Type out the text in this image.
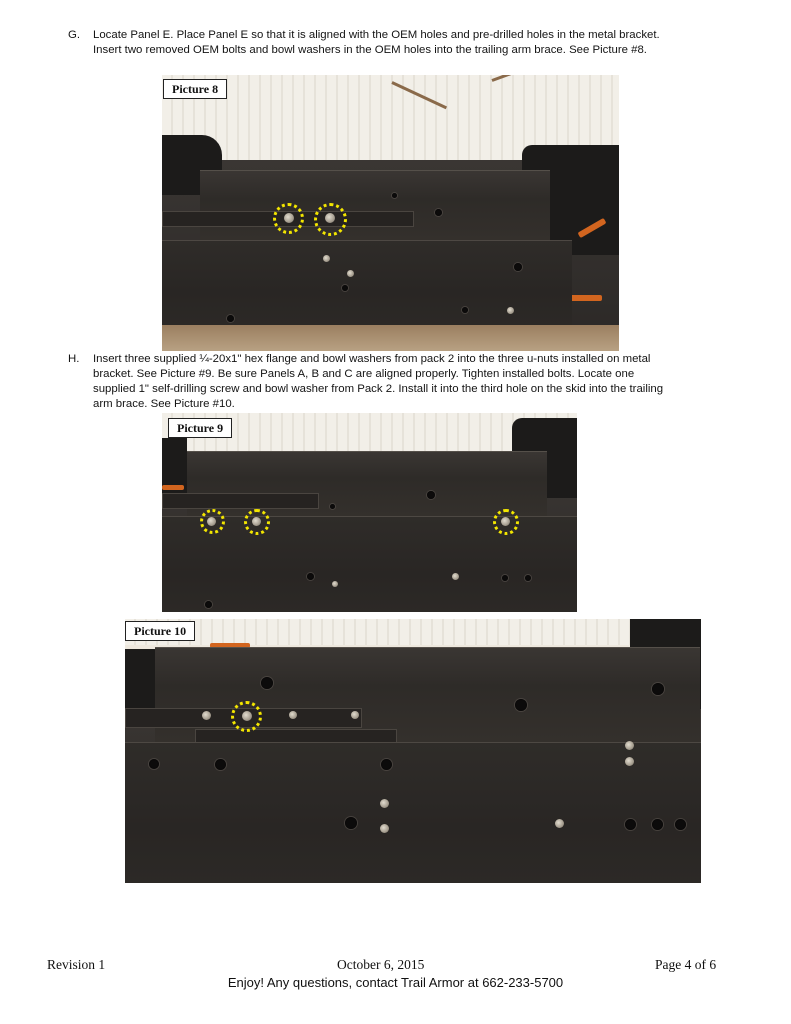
G. Locate Panel E. Place Panel E so that it is aligned with the OEM holes and pre-drilled holes in the metal bracket.

Insert two removed OEM bolts and bowl washers in the OEM holes into the trailing arm brace. See Picture #8.

Picture 8
H. Insert three supplied ¼-20x1" hex flange and bowl washers from pack 2 into the three u-nuts installed on metal

bracket. See Picture #9. Be sure Panels A, B and C are aligned properly. Tighten installed bolts. Locate one

supplied 1" self-drilling screw and bowl washer from Pack 2. Install it into the third hole on the skid into the trailing

arm brace. See Picture #10.

Picture 9
Picture 10
Revision 1	October 6, 2015	Page 4 of 6
Enjoy! Any questions, contact Trail Armor at 662-233-5700
